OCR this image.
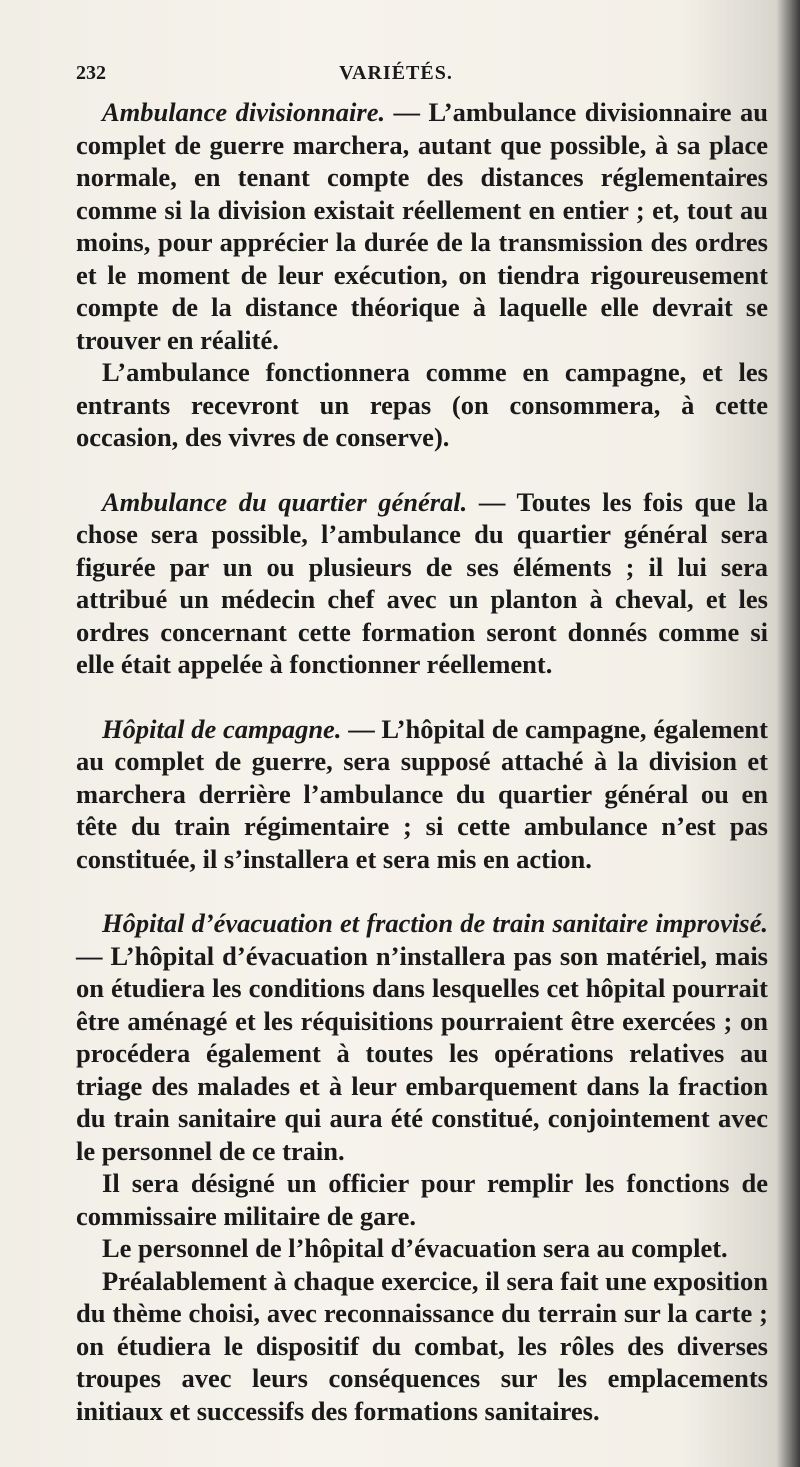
232	VARIÉTÉS.

Ambulance divisionnaire. — L’ambulance divisionnaire au complet de guerre marchera, autant que possible, à sa place normale, en tenant compte des distances réglementaires comme si la division existait réellement en entier ; et, tout au moins, pour apprécier la durée de la transmission des ordres et le moment de leur exécution, on tiendra rigoureusement compte de la distance théorique à laquelle elle devrait se trouver en réalité.

L’ambulance fonctionnera comme en campagne, et les entrants recevront un repas (on consommera, à cette occasion, des vivres de conserve).

Ambulance du quartier général. — Toutes les fois que la chose sera possible, l’ambulance du quartier général sera figurée par un ou plusieurs de ses éléments ; il lui sera attribué un médecin chef avec un planton à cheval, et les ordres concernant cette formation seront donnés comme si elle était appelée à fonctionner réellement.

Hôpital de campagne. — L’hôpital de campagne, également au complet de guerre, sera supposé attaché à la division et marchera derrière l’ambulance du quartier général ou en tête du train régimentaire ; si cette ambulance n’est pas constituée, il s’installera et sera mis en action.

Hôpital d’évacuation et fraction de train sanitaire improvisé. — L’hôpital d’évacuation n’installera pas son matériel, mais on étudiera les conditions dans lesquelles cet hôpital pourrait être aménagé et les réquisitions pourraient être exercées ; on procédera également à toutes les opérations relatives au triage des malades et à leur embarquement dans la fraction du train sanitaire qui aura été constitué, conjointement avec le personnel de ce train.

Il sera désigné un officier pour remplir les fonctions de commissaire militaire de gare.

Le personnel de l’hôpital d’évacuation sera au complet.

Préalablement à chaque exercice, il sera fait une exposition du thème choisi, avec reconnaissance du terrain sur la carte ; on étudiera le dispositif du combat, les rôles des diverses troupes avec leurs conséquences sur les emplacements initiaux et successifs des formations sanitaires.
